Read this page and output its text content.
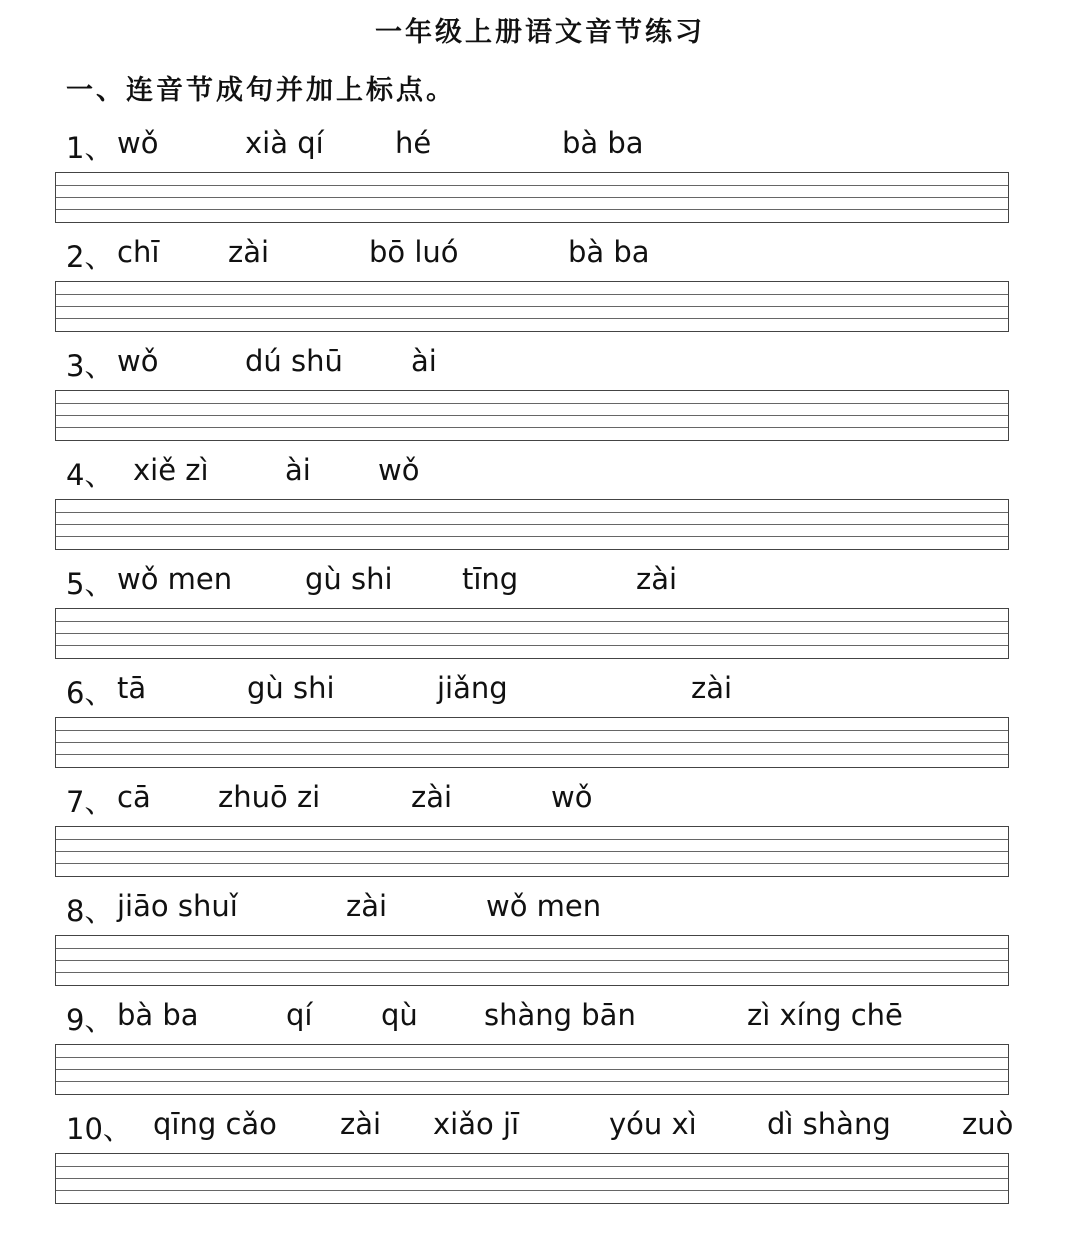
一年级上册语文音节练习
一、连音节成句并加上标点。
1、 wǒ	xià qí hé	bà ba
2、 chī zài	bō luó	bà ba
3、 wǒ	dú shū ài
4、 xiě zì	ài wǒ
5、 wǒ men	gù shi tīng	zài
6、 tā	gù shi	jiǎng	zài
7、 cā zhuō zi	zài	wǒ
8、 jiāo shuǐ	zài	wǒ men
9、 bà ba	qí qù shàng bān	zì xíng chē
10、 qīng cǎo zài xiǎo jī	yóu xì dì shàng zuò
